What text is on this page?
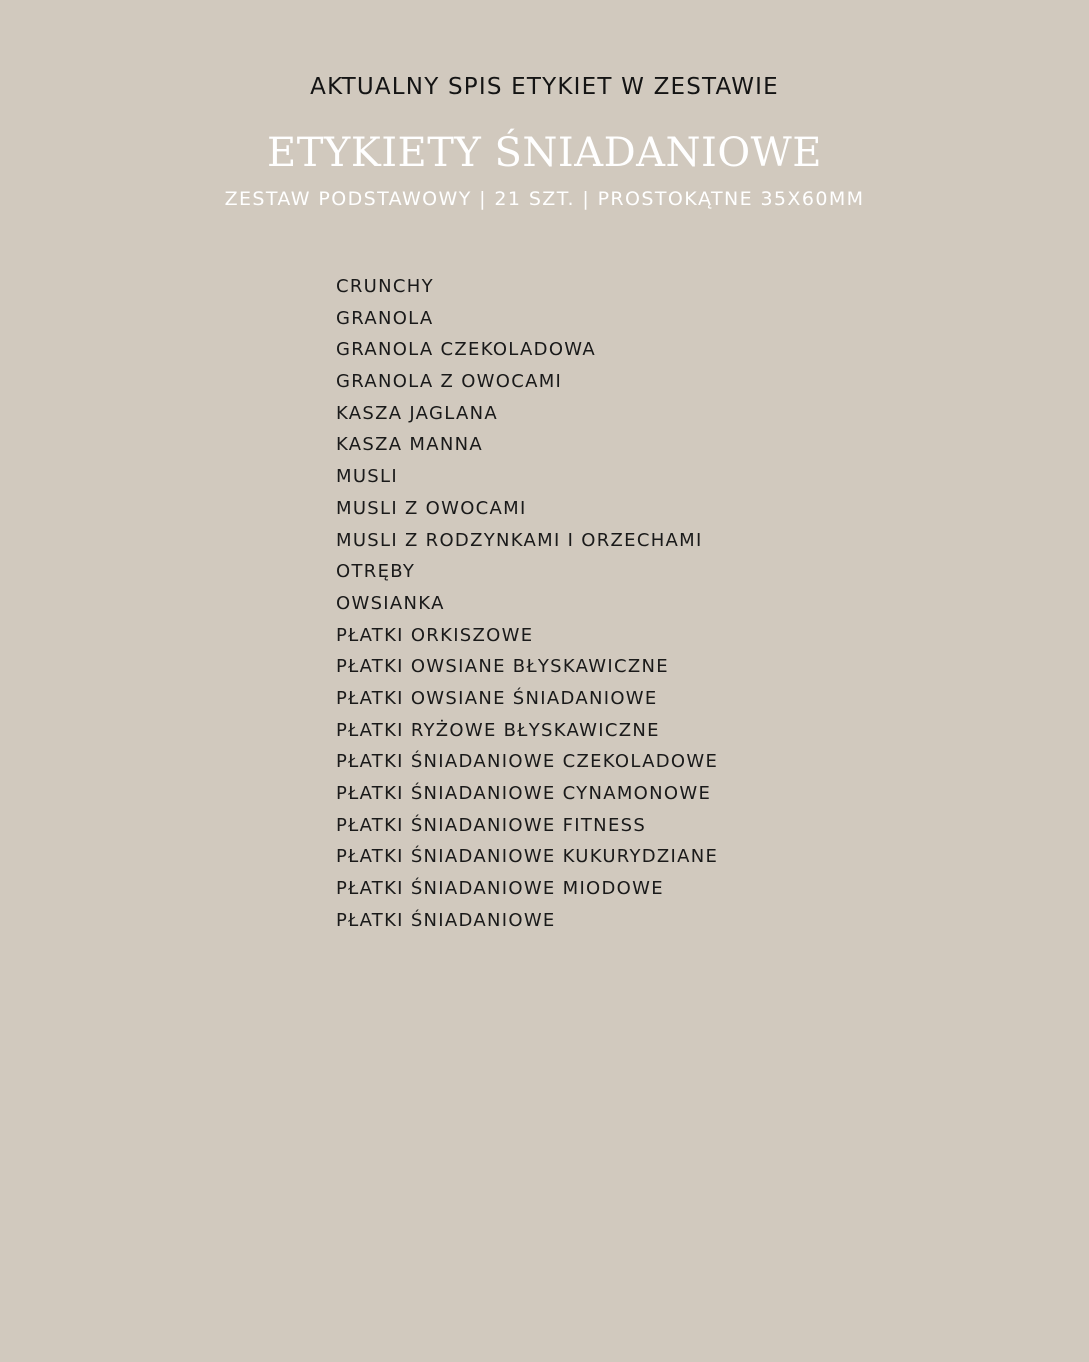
AKTUALNY SPIS ETYKIET W ZESTAWIE
ETYKIETY ŚNIADANIOWE
ZESTAW PODSTAWOWY | 21 SZT. | PROSTOKĄTNE 35X60MM
CRUNCHY
GRANOLA
GRANOLA CZEKOLADOWA
GRANOLA Z OWOCAMI
KASZA JAGLANA
KASZA MANNA
MUSLI
MUSLI Z OWOCAMI
MUSLI Z RODZYNKAMI I ORZECHAMI
OTRĘBY
OWSIANKA
PŁATKI ORKISZOWE
PŁATKI OWSIANE BŁYSKAWICZNE
PŁATKI OWSIANE ŚNIADANIOWE
PŁATKI RYŻOWE BŁYSKAWICZNE
PŁATKI ŚNIADANIOWE CZEKOLADOWE
PŁATKI ŚNIADANIOWE CYNAMONOWE
PŁATKI ŚNIADANIOWE FITNESS
PŁATKI ŚNIADANIOWE KUKURYDZIANE
PŁATKI ŚNIADANIOWE MIODOWE
PŁATKI ŚNIADANIOWE
